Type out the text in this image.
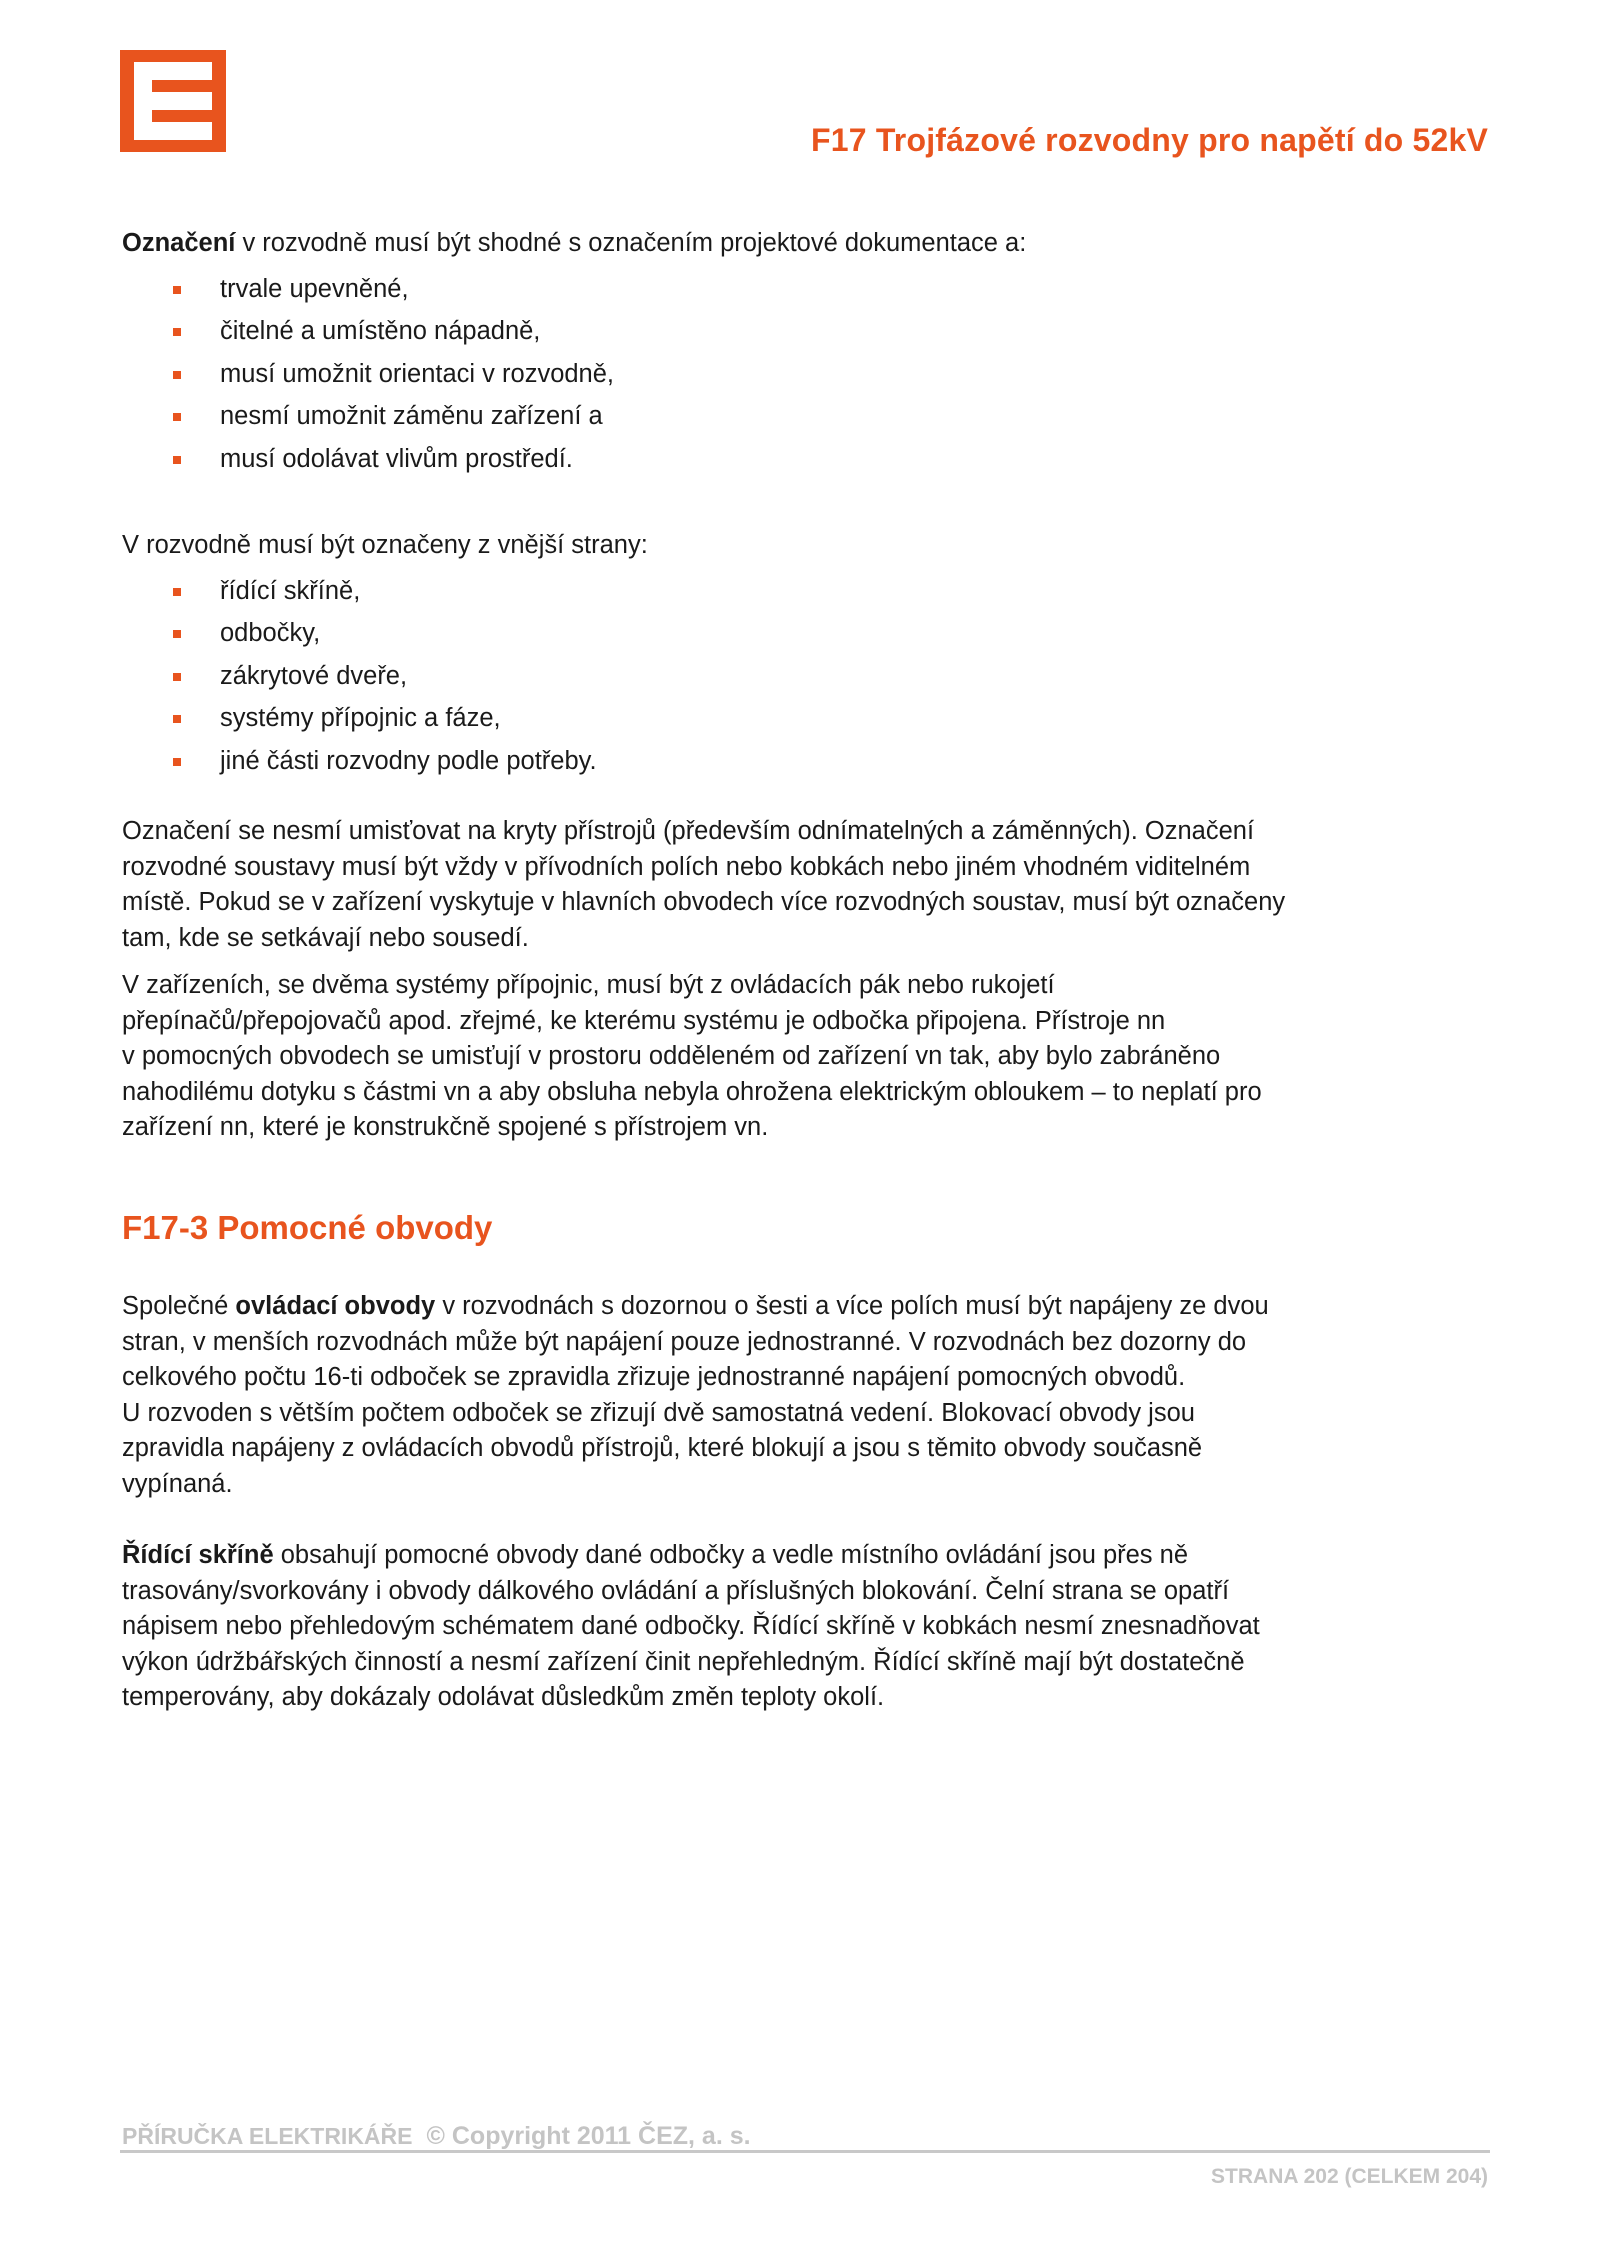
F17 Trojfázové rozvodny pro napětí do 52kV

Označení v rozvodně musí být shodné s označením projektové dokumentace a:

trvale upevněné,
čitelné a umístěno nápadně,
musí umožnit orientaci v rozvodně,
nesmí umožnit záměnu zařízení a
musí odolávat vlivům prostředí.

V rozvodně musí být označeny z vnější strany:

řídící skříně,
odbočky,
zákrytové dveře,
systémy přípojnic a fáze,
jiné části rozvodny podle potřeby.

Označení se nesmí umisťovat na kryty přístrojů (především odnímatelných a záměnných). Označení
rozvodné soustavy musí být vždy v přívodních polích nebo kobkách nebo jiném vhodném viditelném
místě. Pokud se v zařízení vyskytuje v hlavních obvodech více rozvodných soustav, musí být označeny
tam, kde se setkávají nebo sousedí.

V zařízeních, se dvěma systémy přípojnic, musí být z ovládacích pák nebo rukojetí
přepínačů/přepojovačů apod. zřejmé, ke kterému systému je odbočka připojena. Přístroje nn
v pomocných obvodech se umisťují v prostoru odděleném od zařízení vn tak, aby bylo zabráněno
nahodilému dotyku s částmi vn a aby obsluha nebyla ohrožena elektrickým obloukem – to neplatí pro
zařízení nn, které je konstrukčně spojené s přístrojem vn.

F17-3 Pomocné obvody

Společné ovládací obvody v rozvodnách s dozornou o šesti a více polích musí být napájeny ze dvou
stran, v menších rozvodnách může být napájení pouze jednostranné. V rozvodnách bez dozorny do
celkového počtu 16-ti odboček se zpravidla zřizuje jednostranné napájení pomocných obvodů.
U rozvoden s větším počtem odboček se zřizují dvě samostatná vedení. Blokovací obvody jsou
zpravidla napájeny z ovládacích obvodů přístrojů, které blokují a jsou s těmito obvody současně
vypínaná.

Řídící skříně obsahují pomocné obvody dané odbočky a vedle místního ovládání jsou přes ně
trasovány/svorkovány i obvody dálkového ovládání a příslušných blokování. Čelní strana se opatří
nápisem nebo přehledovým schématem dané odbočky. Řídící skříně v kobkách nesmí znesnadňovat
výkon údržbářských činností a nesmí zařízení činit nepřehledným. Řídící skříně mají být dostatečně
temperovány, aby dokázaly odolávat důsledkům změn teploty okolí.

PŘÍRUČKA ELEKTRIKÁŘE © Copyright 2011 ČEZ, a. s.
STRANA 202 (CELKEM 204)
